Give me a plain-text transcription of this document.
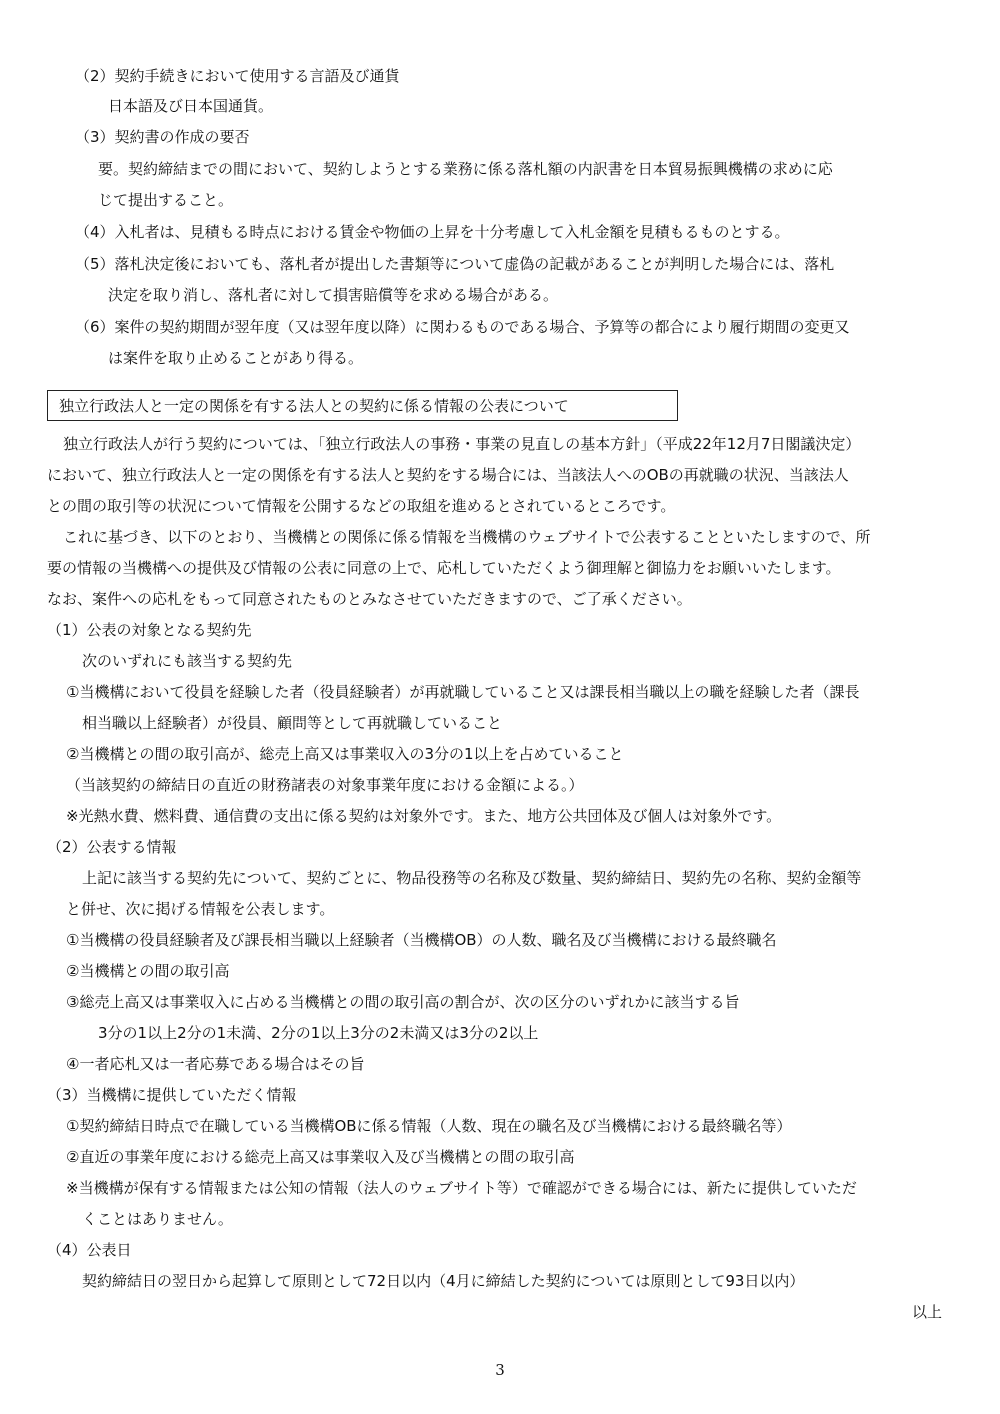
（2）契約手続きにおいて使用する言語及び通貨
日本語及び日本国通貨。
（3）契約書の作成の要否
要。契約締結までの間において、契約しようとする業務に係る落札額の内訳書を日本貿易振興機構の求めに応
じて提出すること。
（4）入札者は、見積もる時点における賃金や物価の上昇を十分考慮して入札金額を見積もるものとする。
（5）落札決定後においても、落札者が提出した書類等について虚偽の記載があることが判明した場合には、落札
決定を取り消し、落札者に対して損害賠償等を求める場合がある。
（6）案件の契約期間が翌年度（又は翌年度以降）に関わるものである場合、予算等の都合により履行期間の変更又
は案件を取り止めることがあり得る。
独立行政法人と一定の関係を有する法人との契約に係る情報の公表について
独立行政法人が行う契約については、「独立行政法人の事務・事業の見直しの基本方針」（平成22年12月7日閣議決定）
において、独立行政法人と一定の関係を有する法人と契約をする場合には、当該法人へのOBの再就職の状況、当該法人
との間の取引等の状況について情報を公開するなどの取組を進めるとされているところです。
これに基づき、以下のとおり、当機構との関係に係る情報を当機構のウェブサイトで公表することといたしますので、所
要の情報の当機構への提供及び情報の公表に同意の上で、応札していただくよう御理解と御協力をお願いいたします。
なお、案件への応札をもって同意されたものとみなさせていただきますので、ご了承ください。
（1）公表の対象となる契約先
次のいずれにも該当する契約先
①当機構において役員を経験した者（役員経験者）が再就職していること又は課長相当職以上の職を経験した者（課長
相当職以上経験者）が役員、顧問等として再就職していること
②当機構との間の取引高が、総売上高又は事業収入の3分の1以上を占めていること
（当該契約の締結日の直近の財務諸表の対象事業年度における金額による。）
※光熱水費、燃料費、通信費の支出に係る契約は対象外です。また、地方公共団体及び個人は対象外です。
（2）公表する情報
上記に該当する契約先について、契約ごとに、物品役務等の名称及び数量、契約締結日、契約先の名称、契約金額等
と併せ、次に掲げる情報を公表します。
①当機構の役員経験者及び課長相当職以上経験者（当機構OB）の人数、職名及び当機構における最終職名
②当機構との間の取引高
③総売上高又は事業収入に占める当機構との間の取引高の割合が、次の区分のいずれかに該当する旨
3分の1以上2分の1未満、2分の1以上3分の2未満又は3分の2以上
④一者応札又は一者応募である場合はその旨
（3）当機構に提供していただく情報
①契約締結日時点で在職している当機構OBに係る情報（人数、現在の職名及び当機構における最終職名等）
②直近の事業年度における総売上高又は事業収入及び当機構との間の取引高
※当機構が保有する情報または公知の情報（法人のウェブサイト等）で確認ができる場合には、新たに提供していただ
くことはありません。
（4）公表日
契約締結日の翌日から起算して原則として72日以内（4月に締結した契約については原則として93日以内）
以上
3
